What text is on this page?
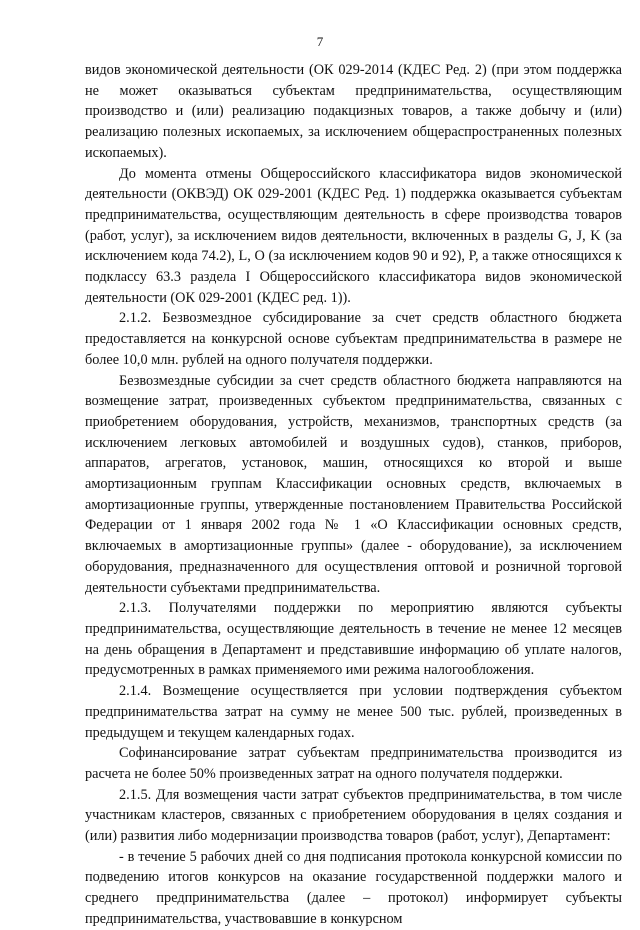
7

видов экономической деятельности (ОК 029-2014 (КДЕС Ред. 2) (при этом поддержка не может оказываться субъектам предпринимательства, осуществляющим производство и (или) реализацию подакцизных товаров, а также добычу и (или) реализацию полезных ископаемых, за исключением общераспространенных полезных ископаемых).

До момента отмены Общероссийского классификатора видов экономической деятельности (ОКВЭД) ОК 029-2001 (КДЕС Ред. 1) поддержка оказывается субъектам предпринимательства, осуществляющим деятельность в сфере производства товаров (работ, услуг), за исключением видов деятельности, включенных в разделы G, J, K (за исключением кода 74.2), L, O (за исключением кодов 90 и 92), P, а также относящихся к подклассу 63.3 раздела I Общероссийского классификатора видов экономической деятельности (ОК 029-2001 (КДЕС ред. 1)).

2.1.2. Безвозмездное субсидирование за счет средств областного бюджета предоставляется на конкурсной основе субъектам предпринимательства в размере не более 10,0 млн. рублей на одного получателя поддержки.

Безвозмездные субсидии за счет средств областного бюджета направляются на возмещение затрат, произведенных субъектом предпринимательства, связанных с приобретением оборудования, устройств, механизмов, транспортных средств (за исключением легковых автомобилей и воздушных судов), станков, приборов, аппаратов, агрегатов, установок, машин, относящихся ко второй и выше амортизационным группам Классификации основных средств, включаемых в амортизационные группы, утвержденные постановлением Правительства Российской Федерации от 1 января 2002 года № 1 «О Классификации основных средств, включаемых в амортизационные группы» (далее - оборудование), за исключением оборудования, предназначенного для осуществления оптовой и розничной торговой деятельности субъектами предпринимательства.

2.1.3. Получателями поддержки по мероприятию являются субъекты предпринимательства, осуществляющие деятельность в течение не менее 12 месяцев на день обращения в Департамент и представившие информацию об уплате налогов, предусмотренных в рамках применяемого ими режима налогообложения.

2.1.4. Возмещение осуществляется при условии подтверждения субъектом предпринимательства затрат на сумму не менее 500 тыс. рублей, произведенных в предыдущем и текущем календарных годах.

Софинансирование затрат субъектам предпринимательства производится из расчета не более 50% произведенных затрат на одного получателя поддержки.

2.1.5. Для возмещения части затрат субъектов предпринимательства, в том числе участникам кластеров, связанных с приобретением оборудования в целях создания и (или) развития либо модернизации производства товаров (работ, услуг), Департамент:

- в течение 5 рабочих дней со дня подписания протокола конкурсной комиссии по подведению итогов конкурсов на оказание государственной поддержки малого и среднего предпринимательства (далее – протокол) информирует субъекты предпринимательства, участвовавшие в конкурсном
